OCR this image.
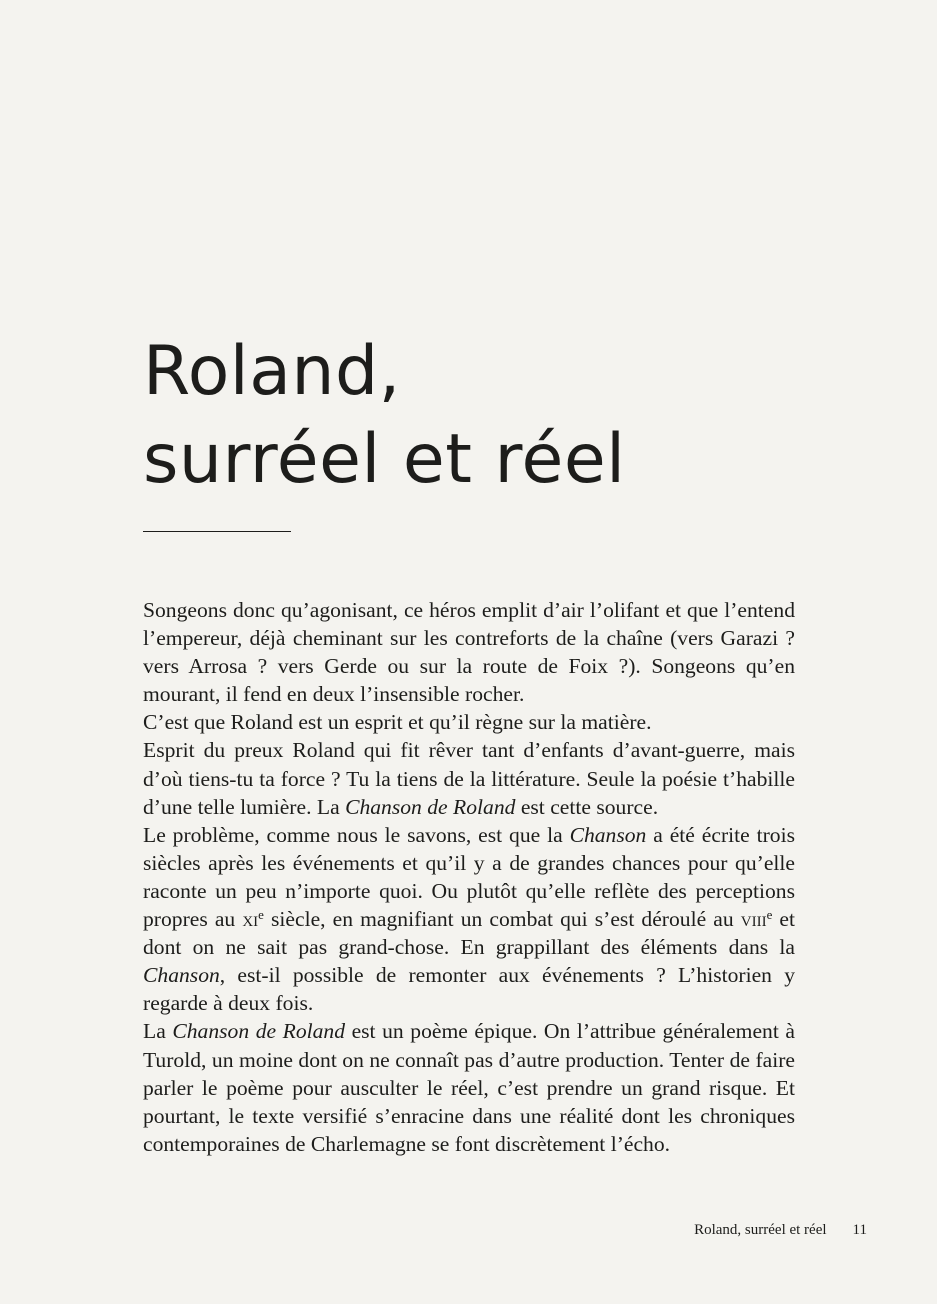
Roland,
surréel et réel

Songeons donc qu’agonisant, ce héros emplit d’air l’olifant et que l’entend l’empereur, déjà cheminant sur les contreforts de la chaîne (vers Garazi ? vers Arrosa ? vers Gerde ou sur la route de Foix ?). Songeons qu’en mourant, il fend en deux l’insensible rocher.

C’est que Roland est un esprit et qu’il règne sur la matière.

Esprit du preux Roland qui fit rêver tant d’enfants d’avant-guerre, mais d’où tiens-tu ta force ? Tu la tiens de la littérature. Seule la poésie t’habille d’une telle lumière. La Chanson de Roland est cette source.

Le problème, comme nous le savons, est que la Chanson a été écrite trois siècles après les événements et qu’il y a de grandes chances pour qu’elle raconte un peu n’importe quoi. Ou plutôt qu’elle reflète des perceptions propres au $xi^e$ siècle, en magnifiant un combat qui s’est déroulé au viii$^e$ et dont on ne sait pas grand-chose. En grappillant des éléments dans la Chanson, est-il possible de remonter aux événements ? L’historien y regarde à deux fois.

La Chanson de Roland est un poème épique. On l’attribue généralement à Turold, un moine dont on ne connaît pas d’autre production. Tenter de faire parler le poème pour ausculter le réel, c’est prendre un grand risque. Et pourtant, le texte versifié s’enracine dans une réalité dont les chroniques contemporaines de Charlemagne se font discrètement l’écho.

Roland, surréel et réel 11
